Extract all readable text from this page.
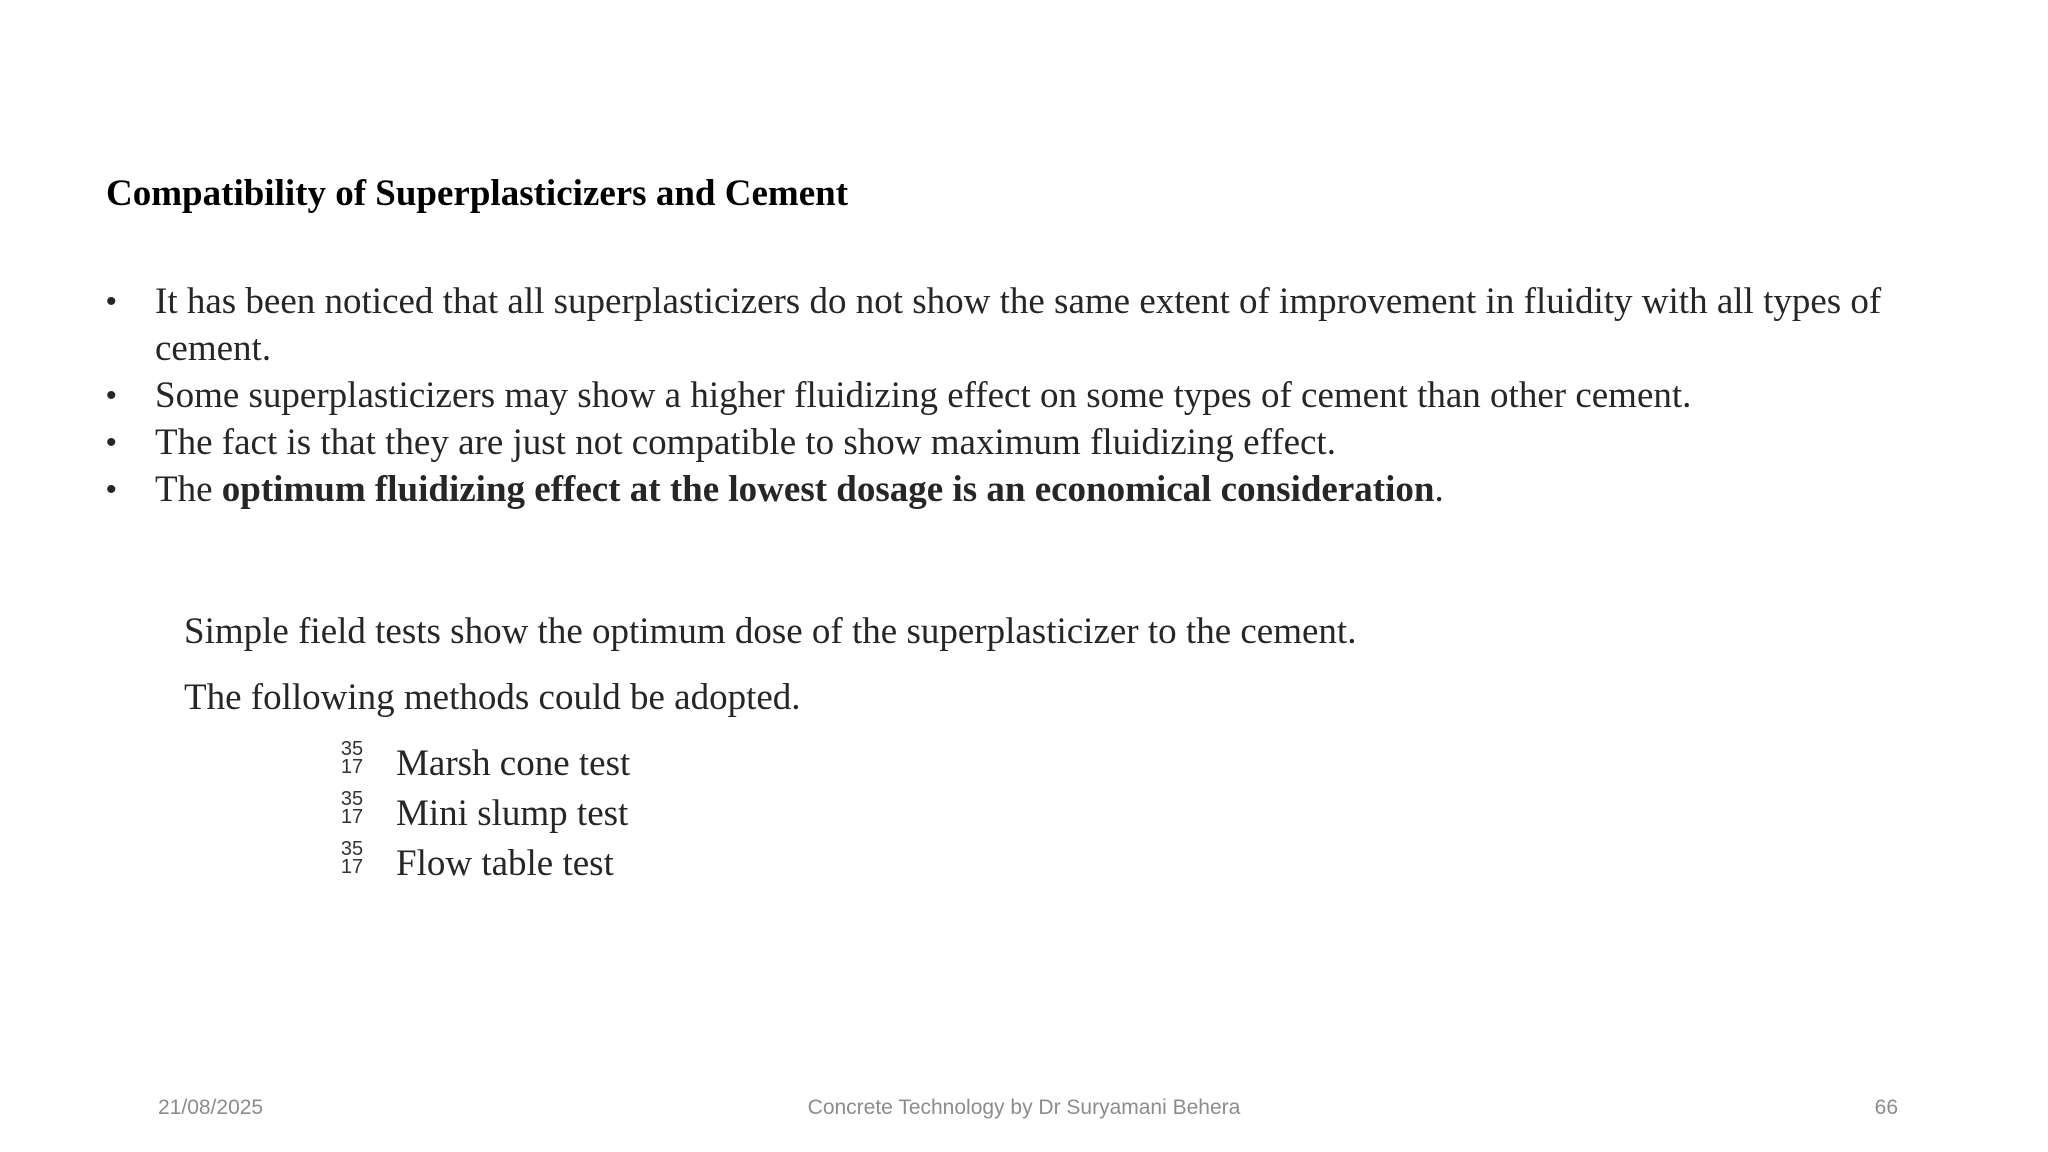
Compatibility of Superplasticizers and Cement
• It has been noticed that all superplasticizers do not show the same extent of improvement in fluidity with all types of cement.
• Some superplasticizers may show a higher fluidizing effect on some types of cement than other cement.
• The fact is that they are just not compatible to show maximum fluidizing effect.
• The optimum fluidizing effect at the lowest dosage is an economical consideration.
Simple field tests show the optimum dose of the superplasticizer to the cement.
The following methods could be adopted.
35
17 Marsh cone test
35
17 Mini slump test
35
17 Flow table test
21/08/2025	Concrete Technology by Dr Suryamani Behera	66
